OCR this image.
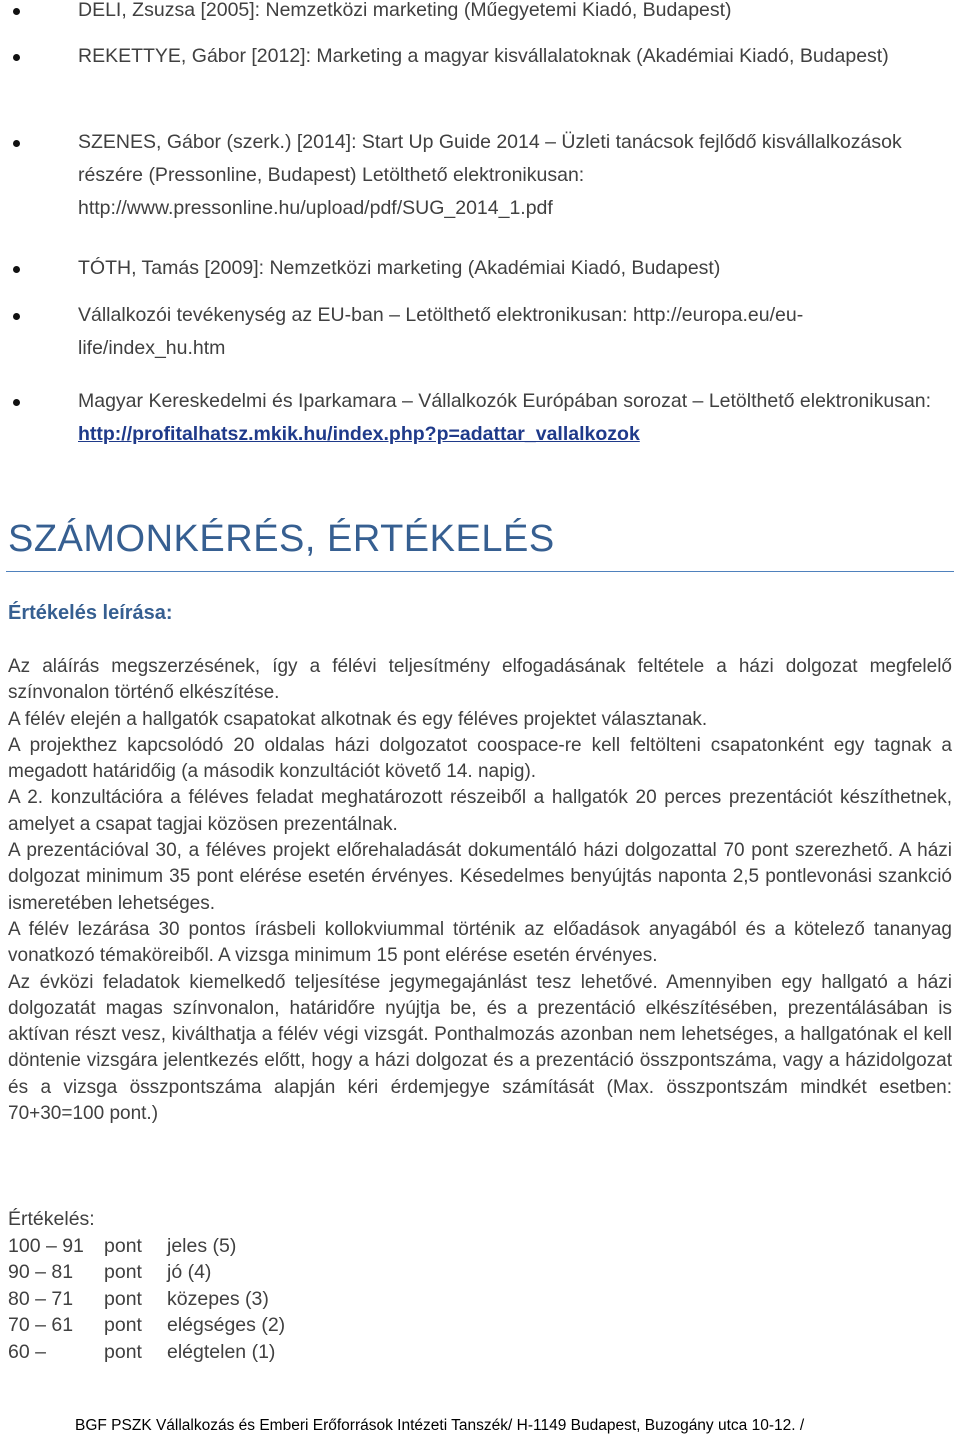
DELI, Zsuzsa [2005]: Nemzetközi marketing (Műegyetemi Kiadó, Budapest)
REKETTYE, Gábor [2012]: Marketing a magyar kisvállalatoknak (Akadémiai Kiadó, Budapest)
SZENES, Gábor (szerk.) [2014]: Start Up Guide 2014 – Üzleti tanácsok fejlődő kisvállalkozások részére (Pressonline, Budapest) Letölthető elektronikusan: http://www.pressonline.hu/upload/pdf/SUG_2014_1.pdf
TÓTH, Tamás [2009]: Nemzetközi marketing (Akadémiai Kiadó, Budapest)
Vállalkozói tevékenység az EU-ban – Letölthető elektronikusan: http://europa.eu/eu-life/index_hu.htm
Magyar Kereskedelmi és Iparkamara – Vállalkozók Európában sorozat – Letölthető elektronikusan: http://profitalhatsz.mkik.hu/index.php?p=adattar_vallalkozok
SZÁMONKÉRÉS, ÉRTÉKELÉS
Értékelés leírása:

Az aláírás megszerzésének, így a félévi teljesítmény elfogadásának feltétele a házi dolgozat megfelelő színvonalon történő elkészítése.

A félév elején a hallgatók csapatokat alkotnak és egy féléves projektet választanak.

A projekthez kapcsolódó 20 oldalas házi dolgozatot coospace-re kell feltölteni csapatonként egy tagnak a megadott határidőig (a második konzultációt követő 14. napig).

A 2. konzultációra a féléves feladat meghatározott részeiből a hallgatók 20 perces prezentációt készíthetnek, amelyet a csapat tagjai közösen prezentálnak.

A prezentációval 30, a féléves projekt előrehaladását dokumentáló házi dolgozattal 70 pont szerezhető. A házi dolgozat minimum 35 pont elérése esetén érvényes. Késedelmes benyújtás naponta 2,5 pontlevonási szankció ismeretében lehetséges.

A félév lezárása 30 pontos írásbeli kollokviummal történik az előadások anyagából és a kötelező tananyag vonatkozó témaköreiből. A vizsga minimum 15 pont elérése esetén érvényes.

Az évközi feladatok kiemelkedő teljesítése jegymegajánlást tesz lehetővé. Amennyiben egy hallgató a házi dolgozatát magas színvonalon, határidőre nyújtja be, és a prezentáció elkészítésében, prezentálásában is aktívan részt vesz, kiválthatja a félév végi vizsgát. Ponthalmozás azonban nem lehetséges, a hallgatónak el kell döntenie vizsgára jelentkezés előtt, hogy a házi dolgozat és a prezentáció összpontszáma, vagy a házidolgozat és a vizsga összpontszáma alapján kéri érdemjegye számítását (Max. összpontszám mindkét esetben: 70+30=100 pont.)

Értékelés:
100 – 91	pont	jeles (5)
90 – 81	pont	jó (4)
80 – 71	pont	közepes (3)
70 – 61	pont	elégséges (2)
60 –	pont	elégtelen (1)
BGF PSZK Vállalkozás és Emberi Erőforrások Intézeti Tanszék/ H-1149 Budapest, Buzogány utca 10-12. /
